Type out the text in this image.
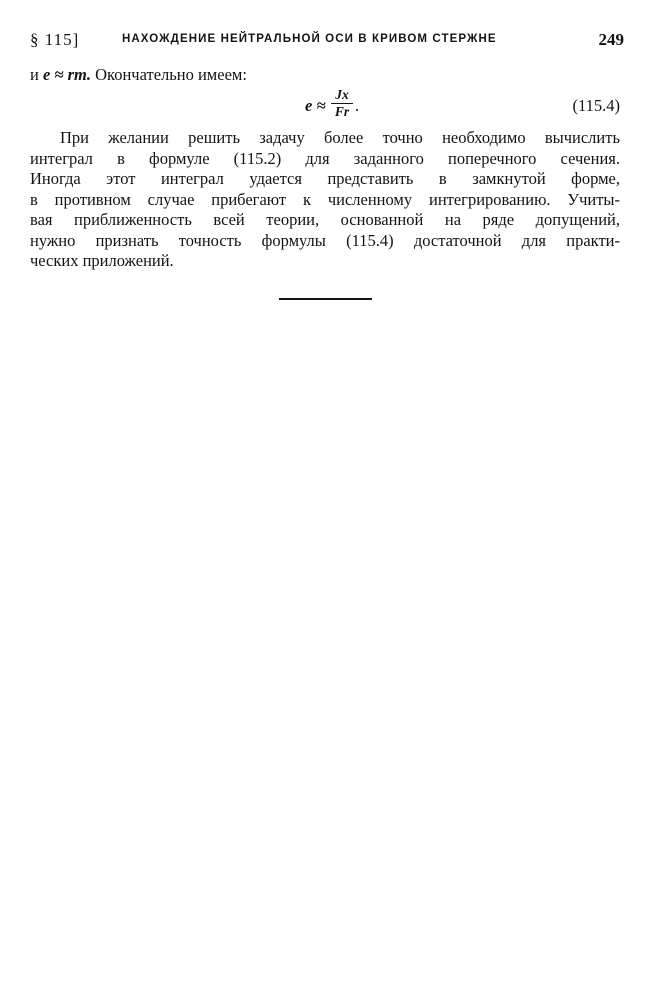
§ 115]	НАХОЖДЕНИЕ НЕЙТРАЛЬНОЙ ОСИ В КРИВОМ СТЕРЖНЕ	249
и e ≈ rm. Окончательно имеем:
e ≈
Jx
Fr .	(115.4)
При желании решить задачу более точно необходимо вычислить
интеграл в формуле (115.2) для заданного поперечного сечения.
Иногда этот интеграл удается представить в замкнутой форме,
в противном случае прибегают к численному интегрированию. Учиты-
вая приближенность всей теории, основанной на ряде допущений,
нужно признать точность формулы (115.4) достаточной для практи-
ческих приложений.
